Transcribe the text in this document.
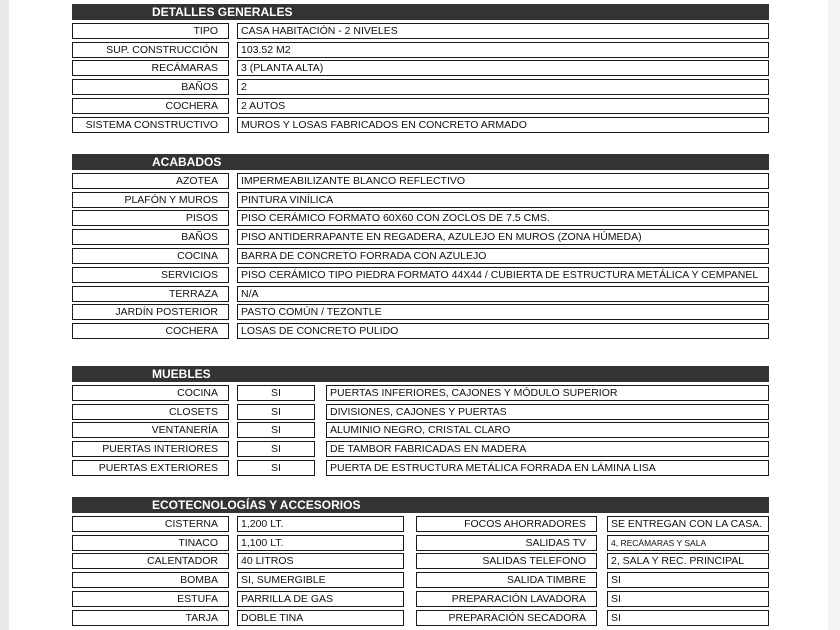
DETALLES GENERALES
TIPO	CASA HABITACIÓN - 2 NIVELES
SUP. CONSTRUCCIÓN	103.52 M2
RECÁMARAS	3 (PLANTA ALTA)
BAÑOS	2
COCHERA	2 AUTOS
SISTEMA CONSTRUCTIVO	MUROS Y LOSAS FABRICADOS EN CONCRETO ARMADO
ACABADOS
AZOTEA	IMPERMEABILIZANTE BLANCO REFLECTIVO
PLAFÓN Y MUROS	PINTURA VINÍLICA
PISOS	PISO CERÁMICO FORMATO 60X60 CON ZOCLOS DE 7.5 CMS.
BAÑOS	PISO ANTIDERRAPANTE EN REGADERA, AZULEJO EN MUROS (ZONA HÚMEDA)
COCINA	BARRA DE CONCRETO FORRADA CON AZULEJO
SERVICIOS	PISO CERÁMICO TIPO PIEDRA FORMATO 44X44 / CUBIERTA DE ESTRUCTURA METÁLICA Y CEMPANEL
TERRAZA	N/A
JARDÍN POSTERIOR	PASTO COMÚN / TEZONTLE
COCHERA	LOSAS DE CONCRETO PULIDO
MUEBLES
COCINA	SI	PUERTAS INFERIORES, CAJONES Y MÓDULO SUPERIOR
CLOSETS	SI	DIVISIONES, CAJONES Y PUERTAS
VENTANERÍA	SI	ALUMINIO NEGRO, CRISTAL CLARO
PUERTAS INTERIORES	SI	DE TAMBOR FABRICADAS EN MADERA
PUERTAS EXTERIORES	SI	PUERTA DE ESTRUCTURA METÁLICA FORRADA EN LÁMINA LISA
ECOTECNOLOGÍAS Y ACCESORIOS
CISTERNA	1,200 LT.	FOCOS AHORRADORES	SE ENTREGAN CON LA CASA.
TINACO	1,100 LT.	SALIDAS TV	4, RECÁMARAS Y SALA
CALENTADOR	40 LITROS	SALIDAS TELEFONO	2, SALA Y REC. PRINCIPAL
BOMBA	SI, SUMERGIBLE	SALIDA TIMBRE	SI
ESTUFA	PARRILLA DE GAS	PREPARACIÓN LAVADORA	SI
TARJA	DOBLE TINA	PREPARACIÓN SECADORA	SI
